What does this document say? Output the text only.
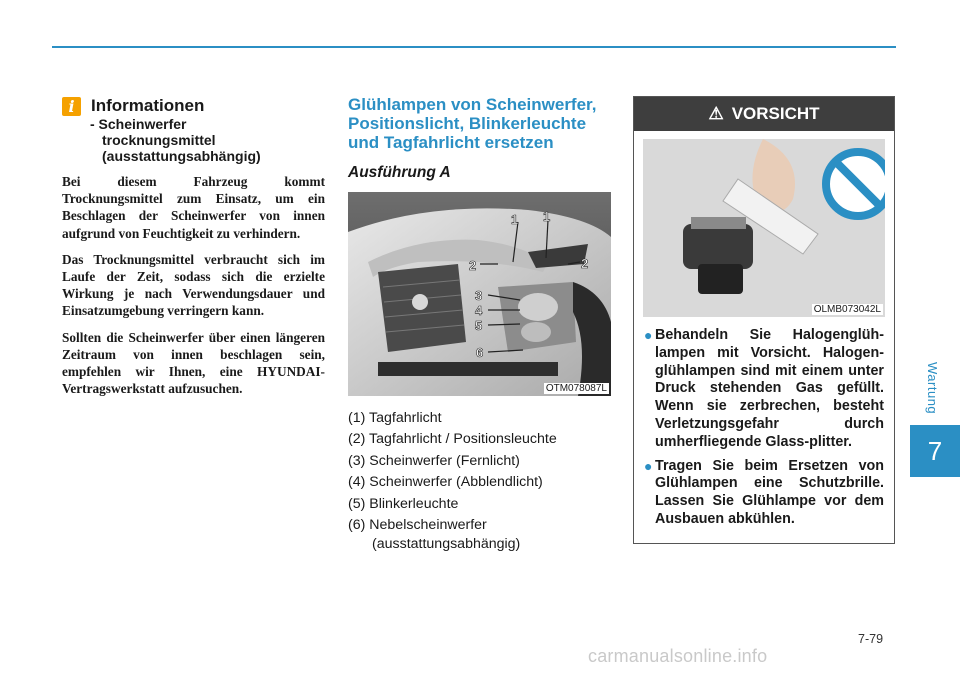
Wartung
7
i Informationen
- Scheinwerfer
trocknungsmittel
(ausstattungsabhängig)

Bei diesem Fahrzeug kommt Trocknungsmittel zum Einsatz, um ein Beschlagen der Scheinwerfer von innen aufgrund von Feuchtigkeit zu verhindern.

Das Trocknungsmittel verbraucht sich im Laufe der Zeit, sodass sich die erzielte Wirkung je nach Verwendungsdauer und Einsatzumgebung verringern kann.

Sollten die Scheinwerfer über einen längeren Zeitraum von innen beschlagen sein, empfehlen wir Ihnen, eine HYUNDAI-Vertragswerkstatt aufzusuchen.

Glühlampen von Scheinwerfer,
Positionslicht, Blinkerleuchte
und Tagfahrlicht ersetzen
Ausführung A
1 1
2	2
3
4
5
6
OTM078087L
(1) Tagfahrlicht
(2) Tagfahrlicht / Positionsleuchte
(3) Scheinwerfer (Fernlicht)
(4) Scheinwerfer (Abblendlicht)
(5) Blinkerleuchte
(6) Nebelscheinwerfer
(ausstattungsabhängig)
⚠ VORSICHT
OLMB073042L
● Behandeln Sie Halogenglüh-lampen mit Vorsicht. Halogen-glühlampen sind mit einem unter Druck stehenden Gas gefüllt. Wenn sie zerbrechen, besteht Verletzungsgefahr durch umherfliegende Glass-plitter.
● Tragen Sie beim Ersetzen von Glühlampen eine Schutzbrille. Lassen Sie Glühlampe vor dem Ausbauen abkühlen.
7-79
carmanualsonline.info
